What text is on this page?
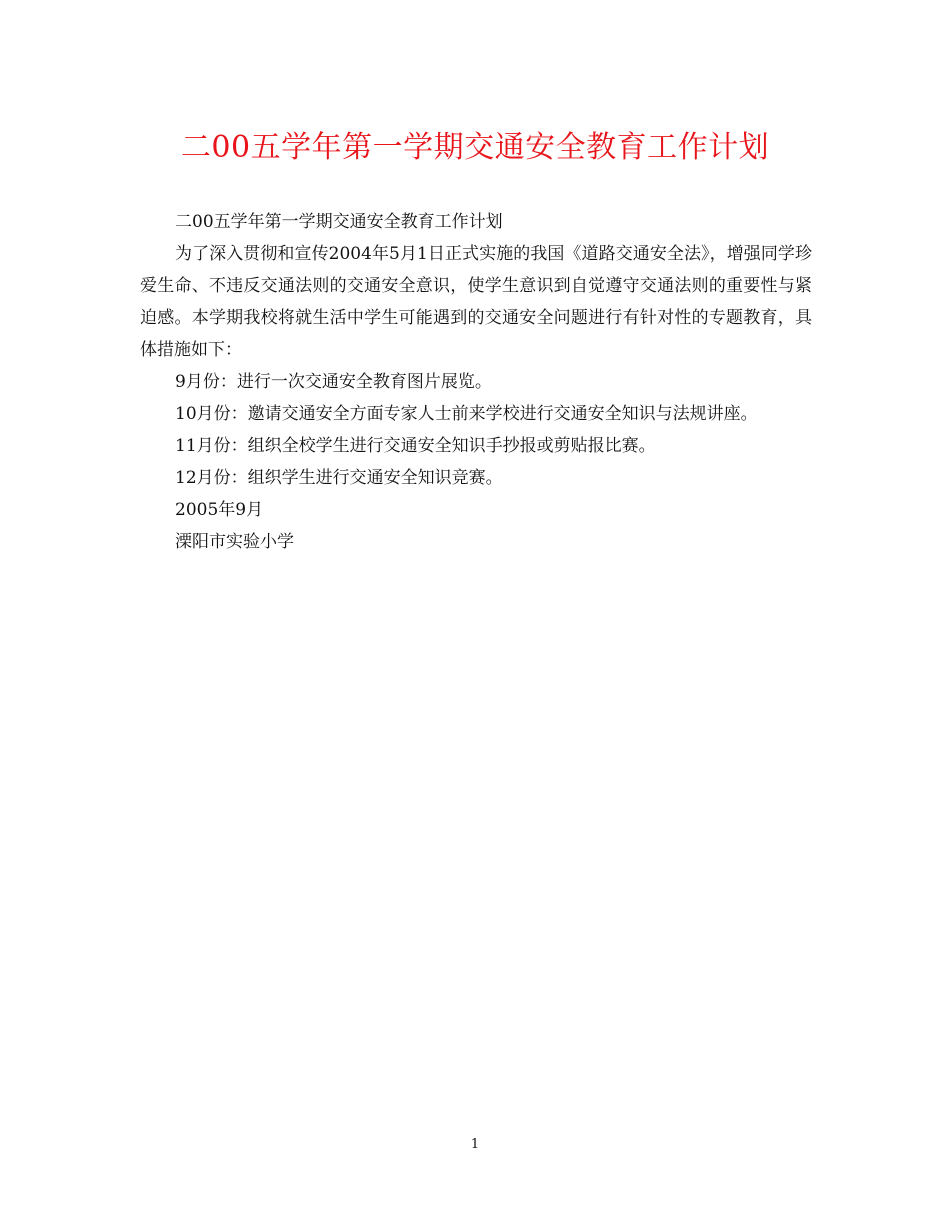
二00五学年第一学期交通安全教育工作计划

二00五学年第一学期交通安全教育工作计划

为了深入贯彻和宣传2004年5月1日正式实施的我国《道路交通安全法》，增强同学珍爱生命、不违反交通法则的交通安全意识，使学生意识到自觉遵守交通法则的重要性与紧迫感。本学期我校将就生活中学生可能遇到的交通安全问题进行有针对性的专题教育，具体措施如下：

9月份：进行一次交通安全教育图片展览。

10月份：邀请交通安全方面专家人士前来学校进行交通安全知识与法规讲座。

11月份：组织全校学生进行交通安全知识手抄报或剪贴报比赛。

12月份：组织学生进行交通安全知识竞赛。

2005年9月

溧阳市实验小学

1
